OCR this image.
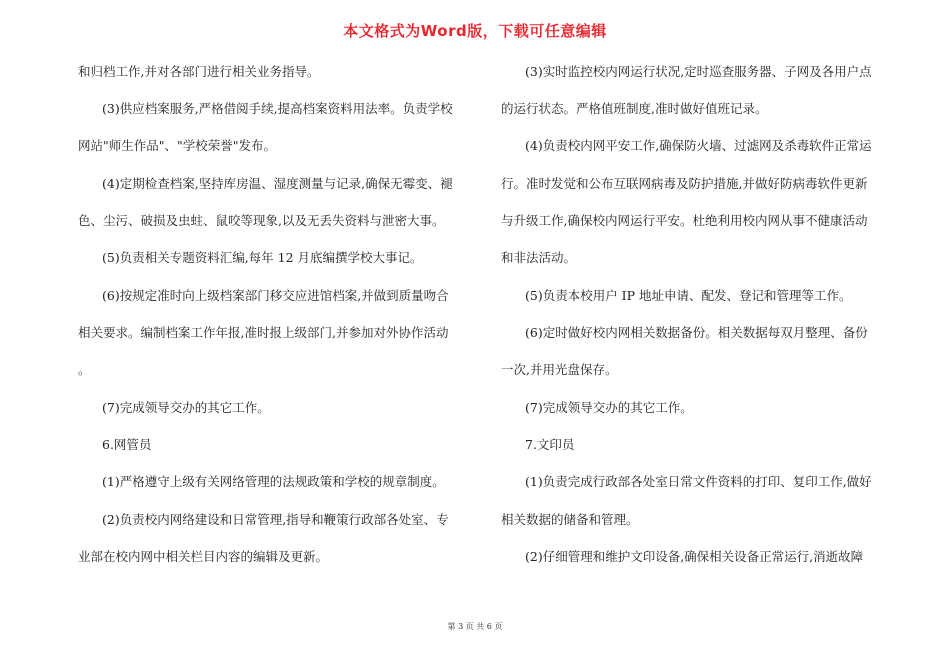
本文格式为Word版，下载可任意编辑
和归档工作,并对各部门进行相关业务指导。
(3)供应档案服务,严格借阅手续,提高档案资料用法率。负责学校
网站"师生作品"、"学校荣誉"发布。
(4)定期检查档案,坚持库房温、湿度测量与记录,确保无霉变、褪
色、尘污、破损及虫蛀、鼠咬等现象,以及无丢失资料与泄密大事。
(5)负责相关专题资料汇编,每年 12 月底编撰学校大事记。
(6)按规定准时向上级档案部门移交应进馆档案,并做到质量吻合
相关要求。编制档案工作年报,准时报上级部门,并参加对外协作活动
。
(7)完成领导交办的其它工作。
6.网管员
(1)严格遵守上级有关网络管理的法规政策和学校的规章制度。
(2)负责校内网络建设和日常管理,指导和鞭策行政部各处室、专
业部在校内网中相关栏目内容的编辑及更新。
(3)实时监控校内网运行状况,定时巡查服务器、子网及各用户点
的运行状态。严格值班制度,准时做好值班记录。
(4)负责校内网平安工作,确保防火墙、过滤网及杀毒软件正常运
行。准时发觉和公布互联网病毒及防护措施,并做好防病毒软件更新
与升级工作,确保校内网运行平安。杜绝利用校内网从事不健康活动
和非法活动。
(5)负责本校用户 IP 地址申请、配发、登记和管理等工作。
(6)定时做好校内网相关数据备份。相关数据每双月整理、备份
一次,并用光盘保存。
(7)完成领导交办的其它工作。
7.文印员
(1)负责完成行政部各处室日常文件资料的打印、复印工作,做好
相关数据的储备和管理。
(2)仔细管理和维护文印设备,确保相关设备正常运行,消逝故障
第 3 页 共 6 页
